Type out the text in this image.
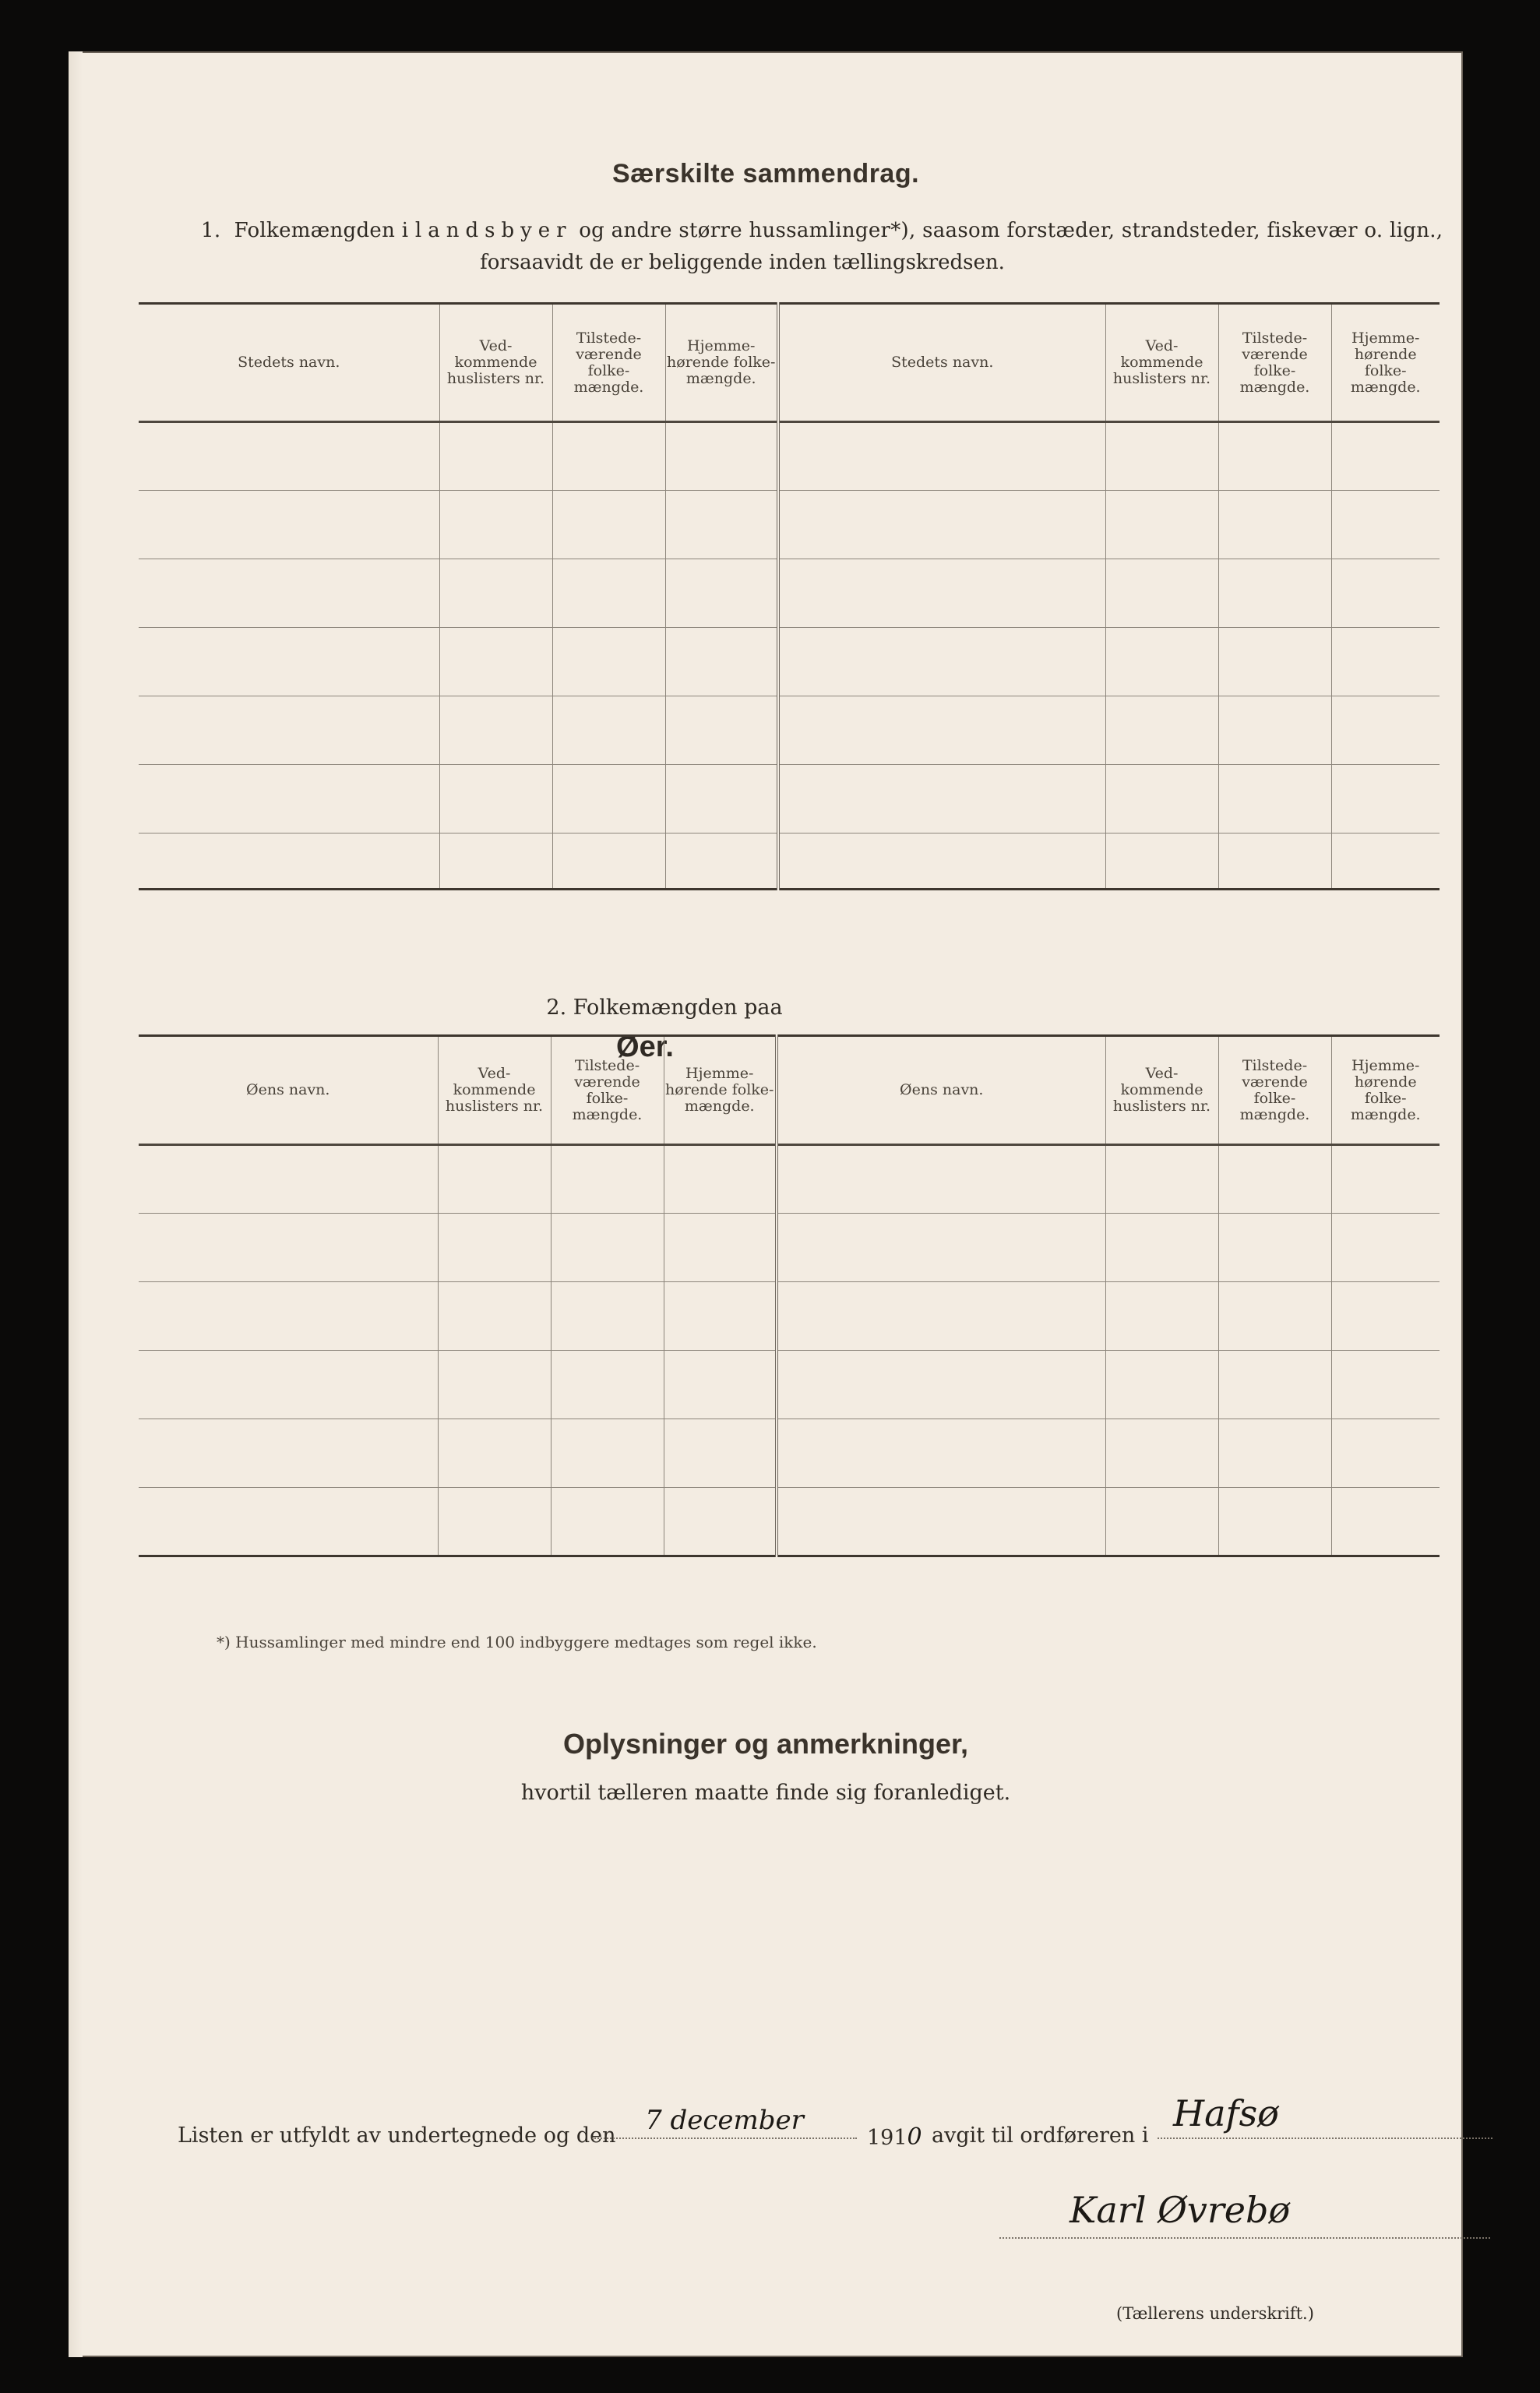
Særskilte sammendrag.
1. Folkemængden i landsbyer og andre større hussamlinger*), saasom forstæder, strandsteder, fiskevær o. lign.,
forsaavidt de er beliggende inden tællingskredsen.
Stedets navn.	Ved-kommende huslisters nr.	Tilstede-værende folke-mængde.	Hjemme-hørende folke-mængde.	Stedets navn.	Ved-kommende huslisters nr.	Tilstede-værende folke-mængde.	Hjemme-hørende folke-mængde.

2. Folkemængden paa
Øer.
Øens navn.	Ved-kommende huslisters nr.	Tilstede-værende folke-mængde.	Hjemme-hørende folke-mængde.	Øens navn.	Ved-kommende huslisters nr.	Tilstede-værende folke-mængde.	Hjemme-hørende folke-mængde.

*) Hussamlinger med mindre end 100 indbyggere medtages som regel ikke.
Oplysninger og anmerkninger,
hvortil tælleren maatte finde sig foranlediget.
Listen er utfyldt av undertegnede og den	7 december
1910 avgit til ordføreren i
Hafsø
Karl Øvrebø
(Tællerens underskrift.)
